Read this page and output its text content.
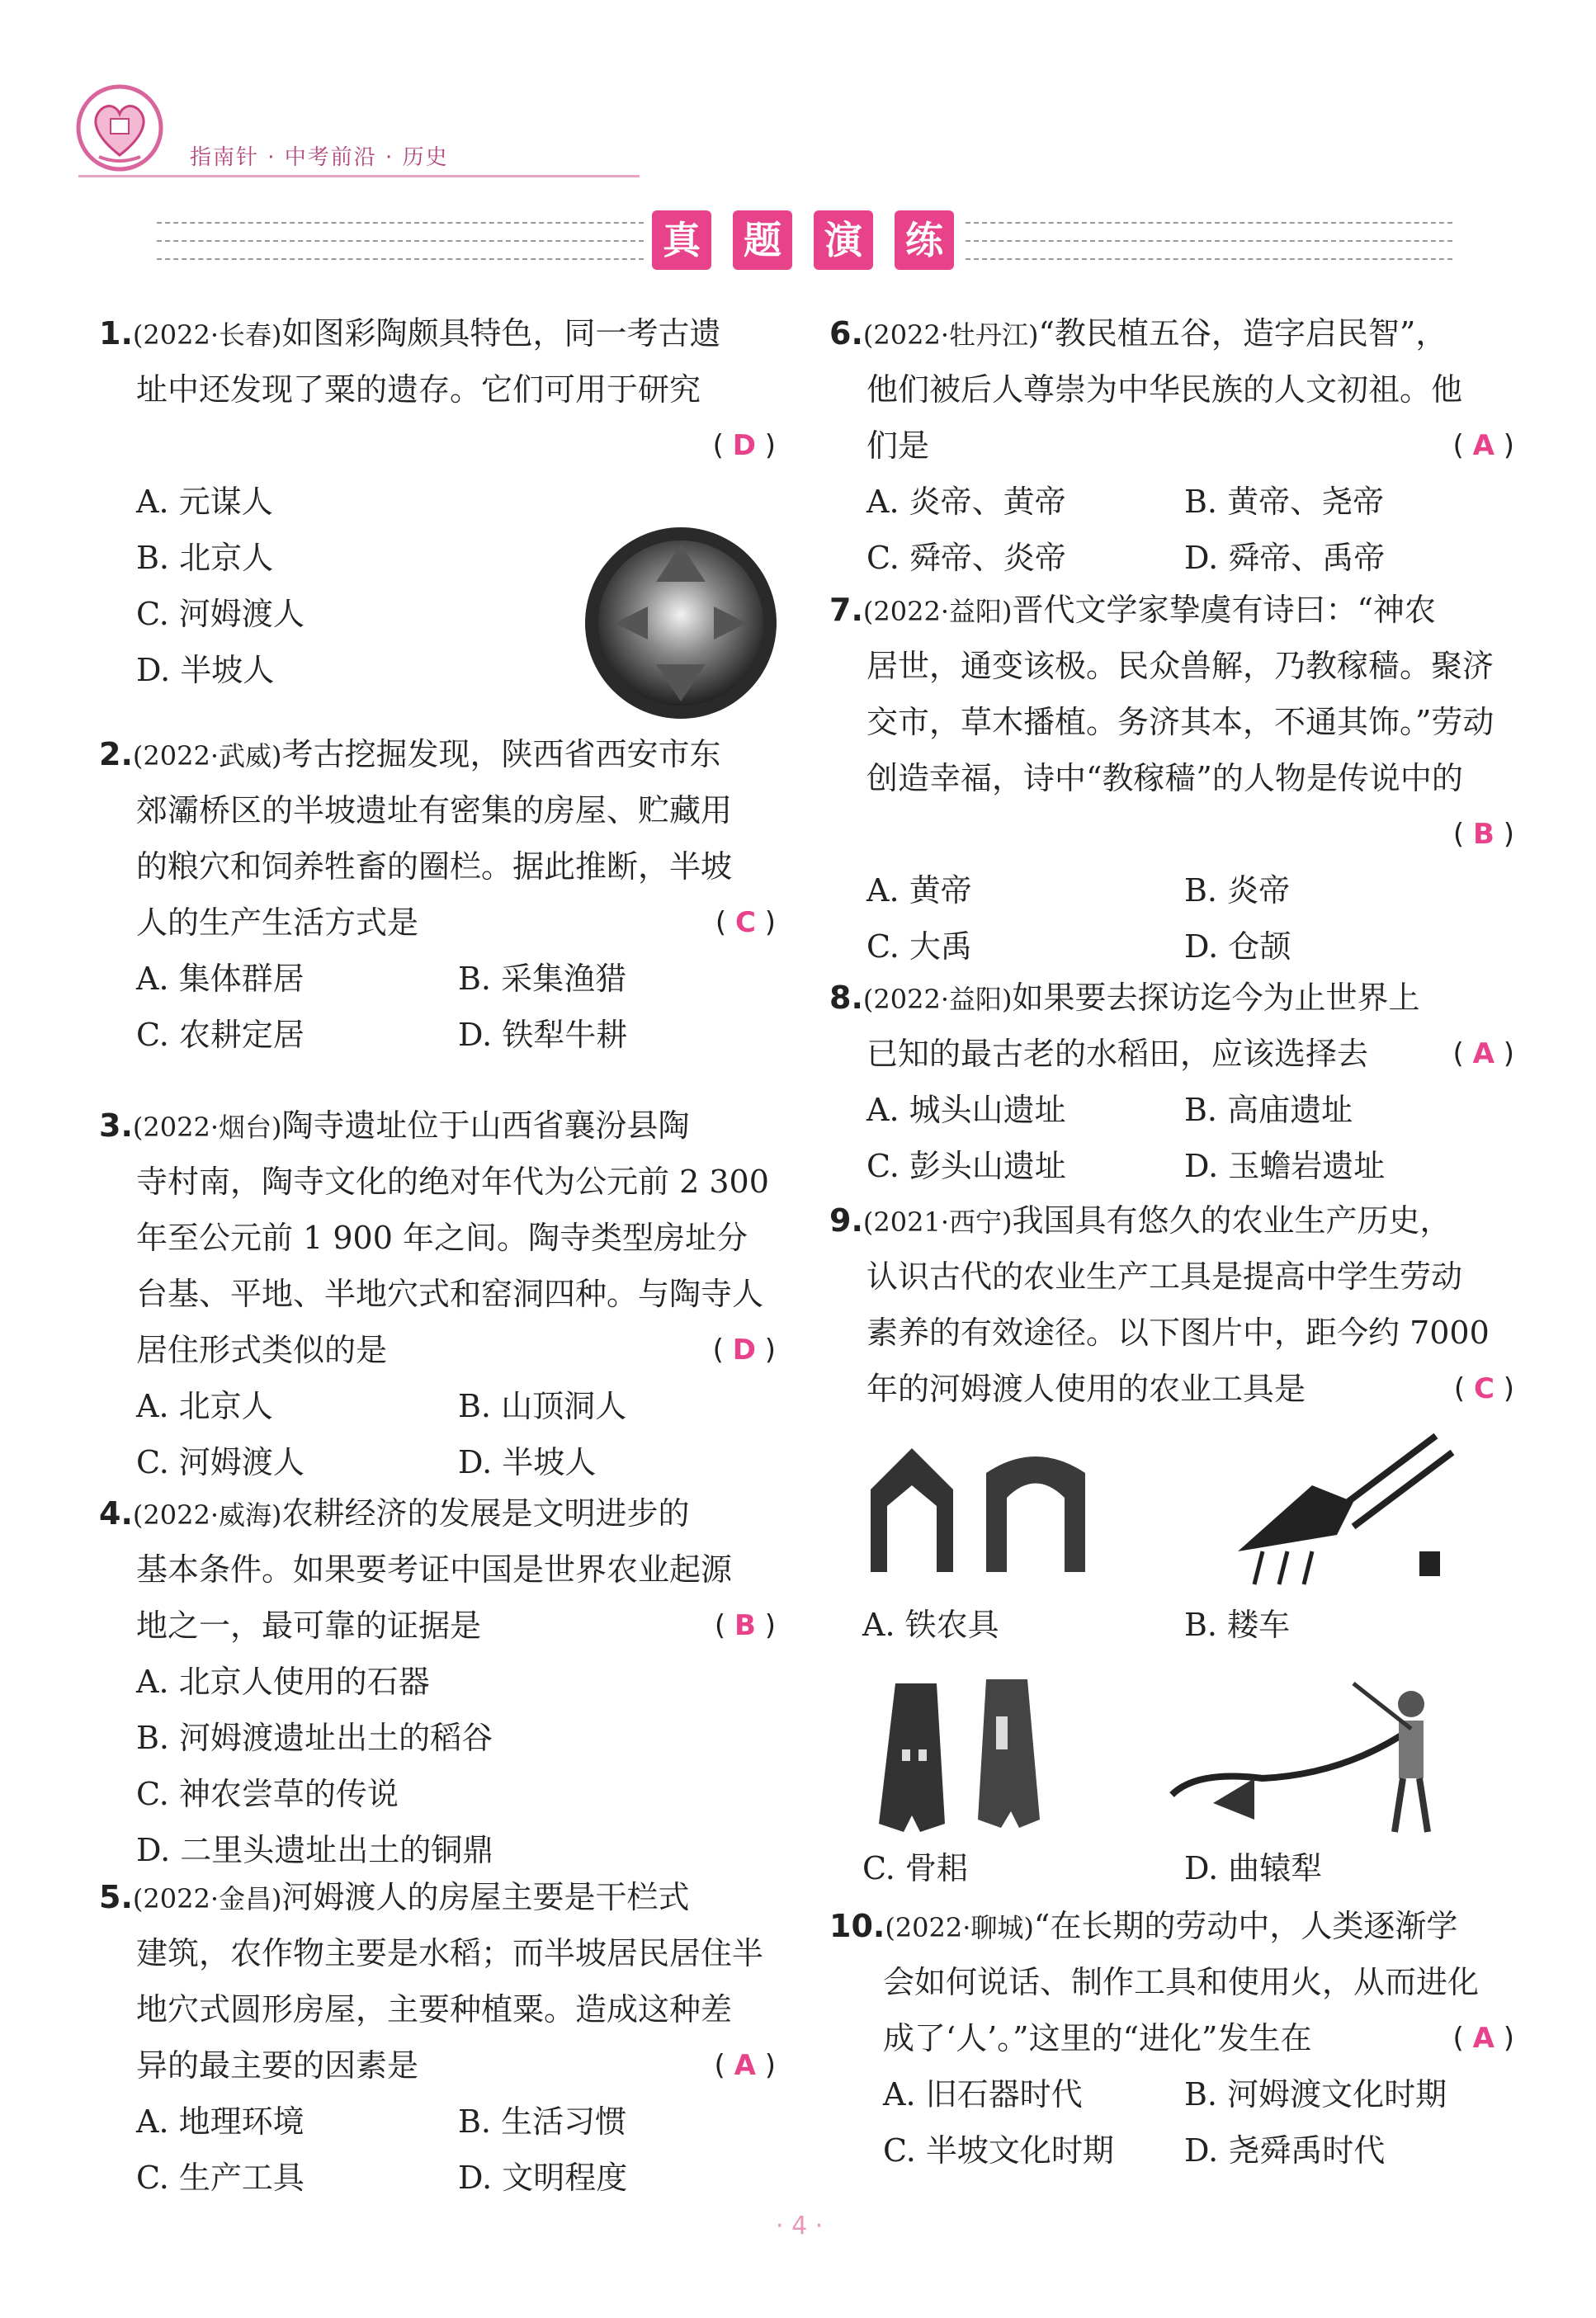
指南针 · 中考前沿 · 历史
真 题 演 练
1.(2022·长春)如图彩陶颇具特色，同一考古遗
址中还发现了粟的遗存。它们可用于研究
( D )
A. 元谋人
B. 北京人
C. 河姆渡人
D. 半坡人
2.(2022·武威)考古挖掘发现，陕西省西安市东
郊灞桥区的半坡遗址有密集的房屋、贮藏用
的粮穴和饲养牲畜的圈栏。据此推断，半坡
人的生产生活方式是	( C )
A. 集体群居	B. 采集渔猎
C. 农耕定居	D. 铁犁牛耕
3.(2022·烟台)陶寺遗址位于山西省襄汾县陶
寺村南，陶寺文化的绝对年代为公元前 2 300
年至公元前 1 900 年之间。陶寺类型房址分
台基、平地、半地穴式和窑洞四种。与陶寺人
居住形式类似的是	( D )
A. 北京人	B. 山顶洞人
C. 河姆渡人	D. 半坡人
4.(2022·威海)农耕经济的发展是文明进步的
基本条件。如果要考证中国是世界农业起源
地之一，最可靠的证据是	( B )
A. 北京人使用的石器
B. 河姆渡遗址出土的稻谷
C. 神农尝草的传说
D. 二里头遗址出土的铜鼎
5.(2022·金昌)河姆渡人的房屋主要是干栏式
建筑，农作物主要是水稻；而半坡居民居住半
地穴式圆形房屋，主要种植粟。造成这种差
异的最主要的因素是	( A )
A. 地理环境	B. 生活习惯
C. 生产工具	D. 文明程度
6.(2022·牡丹江)“教民植五谷，造字启民智”，
他们被后人尊崇为中华民族的人文初祖。他
们是	( A )
A. 炎帝、黄帝	B. 黄帝、尧帝
C. 舜帝、炎帝	D. 舜帝、禹帝
7.(2022·益阳)晋代文学家挚虞有诗曰：“神农
居世，通变该极。民众兽解，乃教稼穑。聚济
交市，草木播植。务济其本，不通其饰。”劳动
创造幸福，诗中“教稼穑”的人物是传说中的
( B )
A. 黄帝	B. 炎帝
C. 大禹	D. 仓颉
8.(2022·益阳)如果要去探访迄今为止世界上
已知的最古老的水稻田，应该选择去	( A )
A. 城头山遗址	B. 高庙遗址
C. 彭头山遗址	D. 玉蟾岩遗址
9.(2021·西宁)我国具有悠久的农业生产历史，
认识古代的农业生产工具是提高中学生劳动
素养的有效途径。以下图片中，距今约 7000
年的河姆渡人使用的农业工具是	( C )
A. 铁农具	B. 耧车
C. 骨耜	D. 曲辕犁
10.(2022·聊城)“在长期的劳动中，人类逐渐学
会如何说话、制作工具和使用火，从而进化
成了‘人’。”这里的“进化”发生在	( A )
A. 旧石器时代	B. 河姆渡文化时期
C. 半坡文化时期 D. 尧舜禹时代
· 4 ·
